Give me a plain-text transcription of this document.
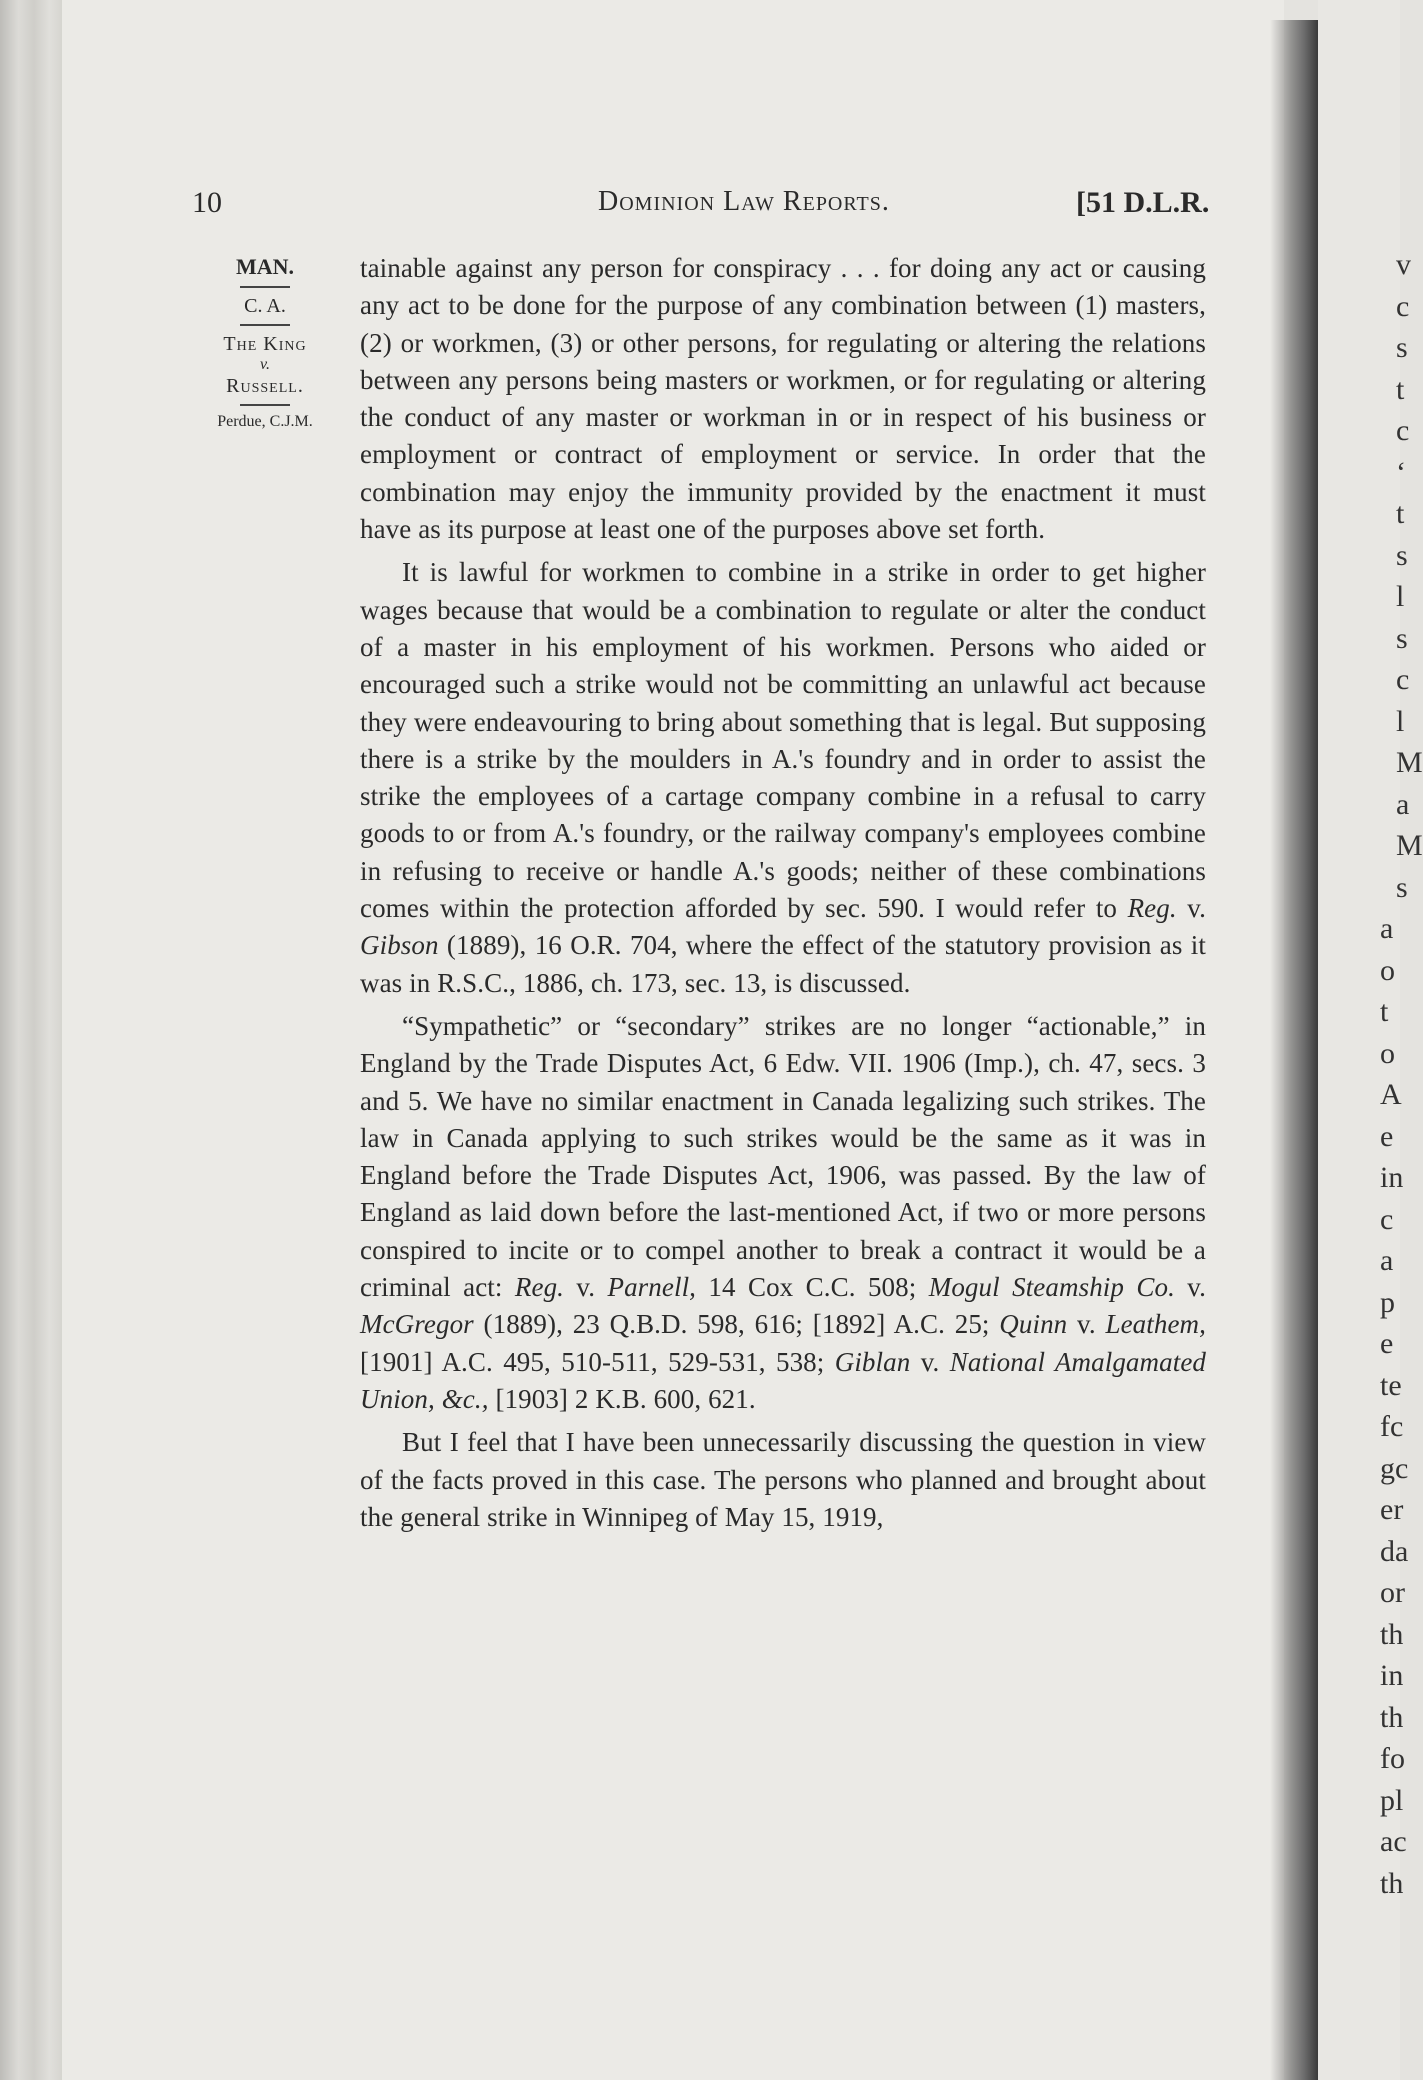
v
c
s
t
c
‘
t
s
l
s
c
l
M
a
M
s
a
o
t
o
A
e
in
c
a
p
e
te
fc
gc
er
da
or
th
in
th
fo
pl
ac
th
10	Dominion Law Reports.	[51 D.L.R.
MAN.
C. A.
The King
v.
Russell.
Perdue, C.J.M.

tainable against any person for conspiracy . . . for doing any act or causing any act to be done for the purpose of any combination between (1) masters, (2) or workmen, (3) or other persons, for regulating or altering the relations between any persons being masters or workmen, or for regulating or altering the conduct of any master or workman in or in respect of his business or employment or contract of employment or service. In order that the combination may enjoy the immunity provided by the enactment it must have as its purpose at least one of the purposes above set forth.

It is lawful for workmen to combine in a strike in order to get higher wages because that would be a combination to regulate or alter the conduct of a master in his employment of his workmen. Persons who aided or encouraged such a strike would not be committing an unlawful act because they were endeavouring to bring about something that is legal. But supposing there is a strike by the moulders in A.'s foundry and in order to assist the strike the employees of a cartage company combine in a refusal to carry goods to or from A.'s foundry, or the railway company's employees combine in refusing to receive or handle A.'s goods; neither of these combinations comes within the protection afforded by sec. 590. I would refer to Reg. v. Gibson (1889), 16 O.R. 704, where the effect of the statutory provision as it was in R.S.C., 1886, ch. 173, sec. 13, is discussed.

“Sympathetic” or “secondary” strikes are no longer “actionable,” in England by the Trade Disputes Act, 6 Edw. VII. 1906 (Imp.), ch. 47, secs. 3 and 5. We have no similar enactment in Canada legalizing such strikes. The law in Canada applying to such strikes would be the same as it was in England before the Trade Disputes Act, 1906, was passed. By the law of England as laid down before the last-mentioned Act, if two or more persons conspired to incite or to compel another to break a contract it would be a criminal act: Reg. v. Parnell, 14 Cox C.C. 508; Mogul Steamship Co. v. McGregor (1889), 23 Q.B.D. 598, 616; [1892] A.C. 25; Quinn v. Leathem, [1901] A.C. 495, 510-511, 529-531, 538; Giblan v. National Amalgamated Union, &c., [1903] 2 K.B. 600, 621.

But I feel that I have been unnecessarily discussing the question in view of the facts proved in this case. The persons who planned and brought about the general strike in Winnipeg of May 15, 1919,
